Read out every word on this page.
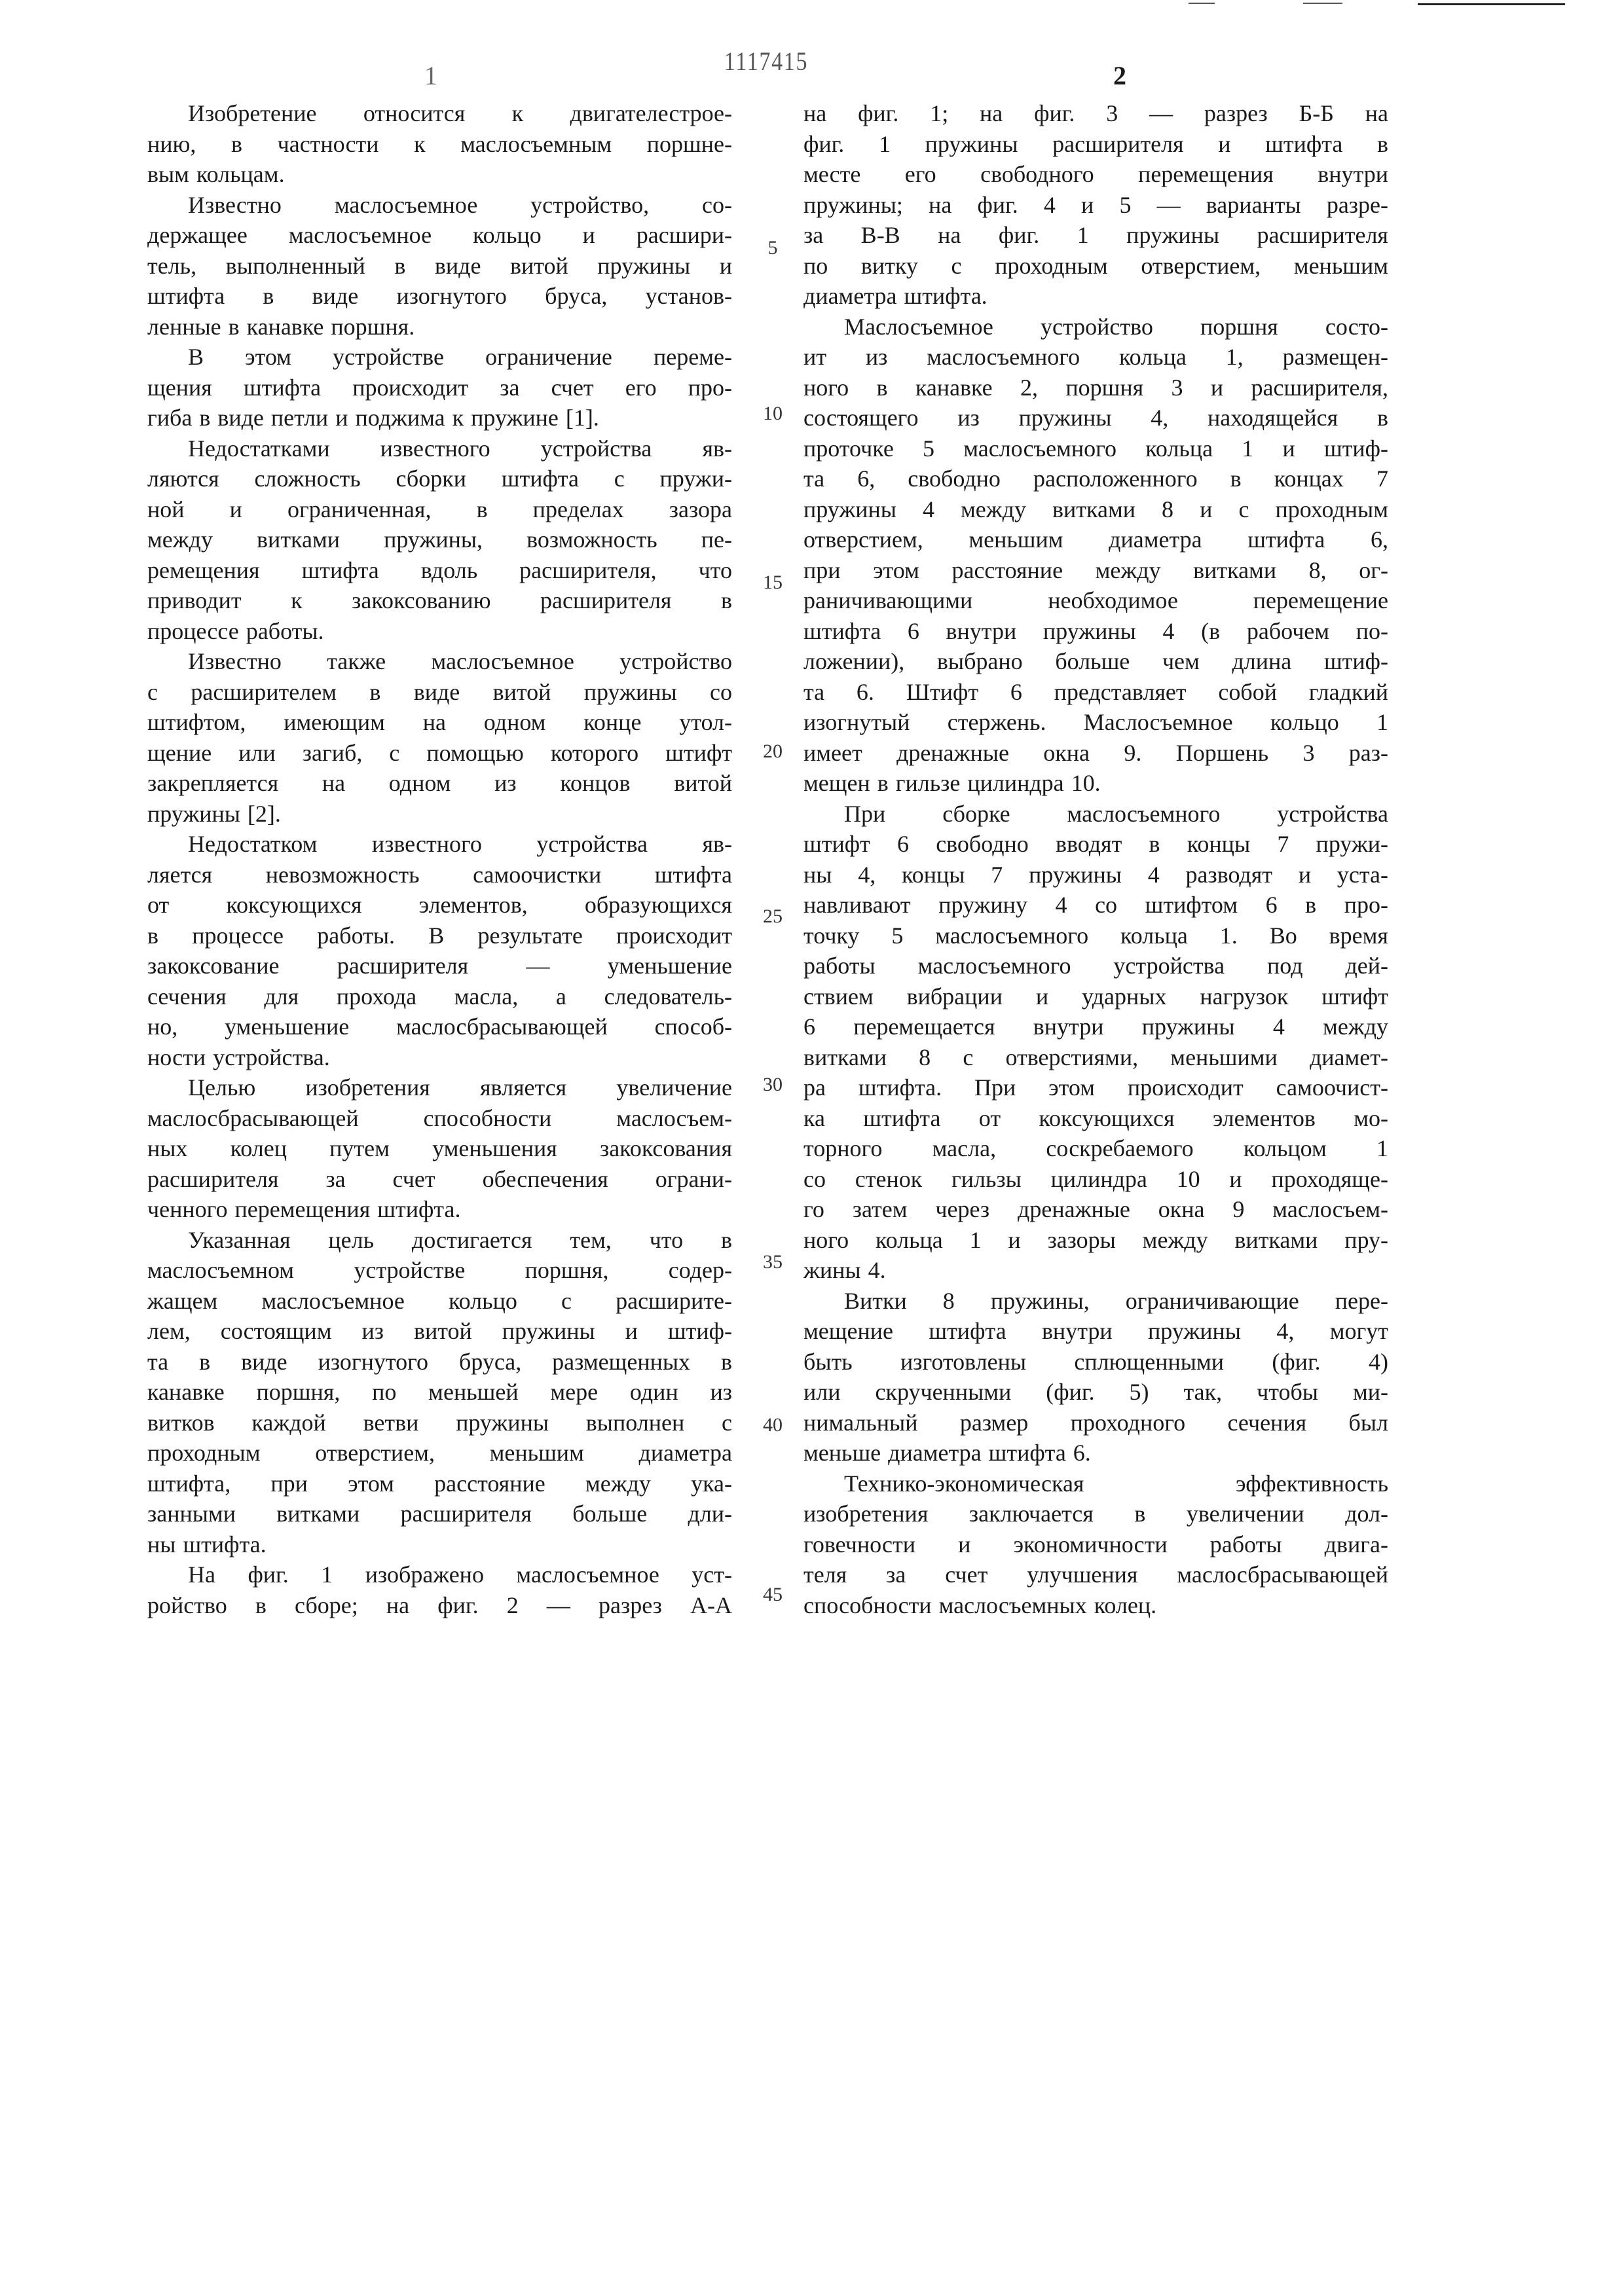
1117415
1	2
Изобретение относится к двигателестрое-
нию, в частности к маслосъемным поршне-
вым кольцам.
Известно маслосъемное устройство, со-
держащее маслосъемное кольцо и расшири-
тель, выполненный в виде витой пружины и
штифта в виде изогнутого бруса, установ-
ленные в канавке поршня.
В этом устройстве ограничение переме-
щения штифта происходит за счет его про-
гиба в виде петли и поджима к пружине [1].
Недостатками известного устройства яв-
ляются сложность сборки штифта с пружи-
ной и ограниченная, в пределах зазора
между витками пружины, возможность пе-
ремещения штифта вдоль расширителя, что
приводит к закоксованию расширителя в
процессе работы.
Известно также маслосъемное устройство
с расширителем в виде витой пружины со
штифтом, имеющим на одном конце утол-
щение или загиб, с помощью которого штифт
закрепляется на одном из концов витой
пружины [2].
Недостатком известного устройства яв-
ляется невозможность самоочистки штифта
от коксующихся элементов, образующихся
в процессе работы. В результате происходит
закоксование расширителя — уменьшение
сечения для прохода масла, а следователь-
но, уменьшение маслосбрасывающей способ-
ности устройства.
Целью изобретения является увеличение
маслосбрасывающей способности маслосъем-
ных колец путем уменьшения закоксования
расширителя за счет обеспечения ограни-
ченного перемещения штифта.
Указанная цель достигается тем, что в
маслосъемном устройстве поршня, содер-
жащем маслосъемное кольцо с расширите-
лем, состоящим из витой пружины и штиф-
та в виде изогнутого бруса, размещенных в
канавке поршня, по меньшей мере один из
витков каждой ветви пружины выполнен с
проходным отверстием, меньшим диаметра
штифта, при этом расстояние между ука-
занными витками расширителя больше дли-
ны штифта.
На фиг. 1 изображено маслосъемное уст-
ройство в сборе; на фиг. 2 — разрез А-А
5
10
15
20
25
30
35
40
45
на фиг. 1; на фиг. 3 — разрез Б-Б на
фиг. 1 пружины расширителя и штифта в
месте его свободного перемещения внутри
пружины; на фиг. 4 и 5 — варианты разре-
за В-В на фиг. 1 пружины расширителя
по витку с проходным отверстием, меньшим
диаметра штифта.
Маслосъемное устройство поршня состо-
ит из маслосъемного кольца 1, размещен-
ного в канавке 2, поршня 3 и расширителя,
состоящего из пружины 4, находящейся в
проточке 5 маслосъемного кольца 1 и штиф-
та 6, свободно расположенного в концах 7
пружины 4 между витками 8 и с проходным
отверстием, меньшим диаметра штифта 6,
при этом расстояние между витками 8, ог-
раничивающими необходимое перемещение
штифта 6 внутри пружины 4 (в рабочем по-
ложении), выбрано больше чем длина штиф-
та 6. Штифт 6 представляет собой гладкий
изогнутый стержень. Маслосъемное кольцо 1
имеет дренажные окна 9. Поршень 3 раз-
мещен в гильзе цилиндра 10.
При сборке маслосъемного устройства
штифт 6 свободно вводят в концы 7 пружи-
ны 4, концы 7 пружины 4 разводят и уста-
навливают пружину 4 со штифтом 6 в про-
точку 5 маслосъемного кольца 1. Во время
работы маслосъемного устройства под дей-
ствием вибрации и ударных нагрузок штифт
6 перемещается внутри пружины 4 между
витками 8 с отверстиями, меньшими диамет-
ра штифта. При этом происходит самоочист-
ка штифта от коксующихся элементов мо-
торного масла, соскребаемого кольцом 1
со стенок гильзы цилиндра 10 и проходяще-
го затем через дренажные окна 9 маслосъем-
ного кольца 1 и зазоры между витками пру-
жины 4.
Витки 8 пружины, ограничивающие пере-
мещение штифта внутри пружины 4, могут
быть изготовлены сплющенными (фиг. 4)
или скрученными (фиг. 5) так, чтобы ми-
нимальный размер проходного сечения был
меньше диаметра штифта 6.
Технико-экономическая эффективность
изобретения заключается в увеличении дол-
говечности и экономичности работы двига-
теля за счет улучшения маслосбрасывающей
способности маслосъемных колец.
